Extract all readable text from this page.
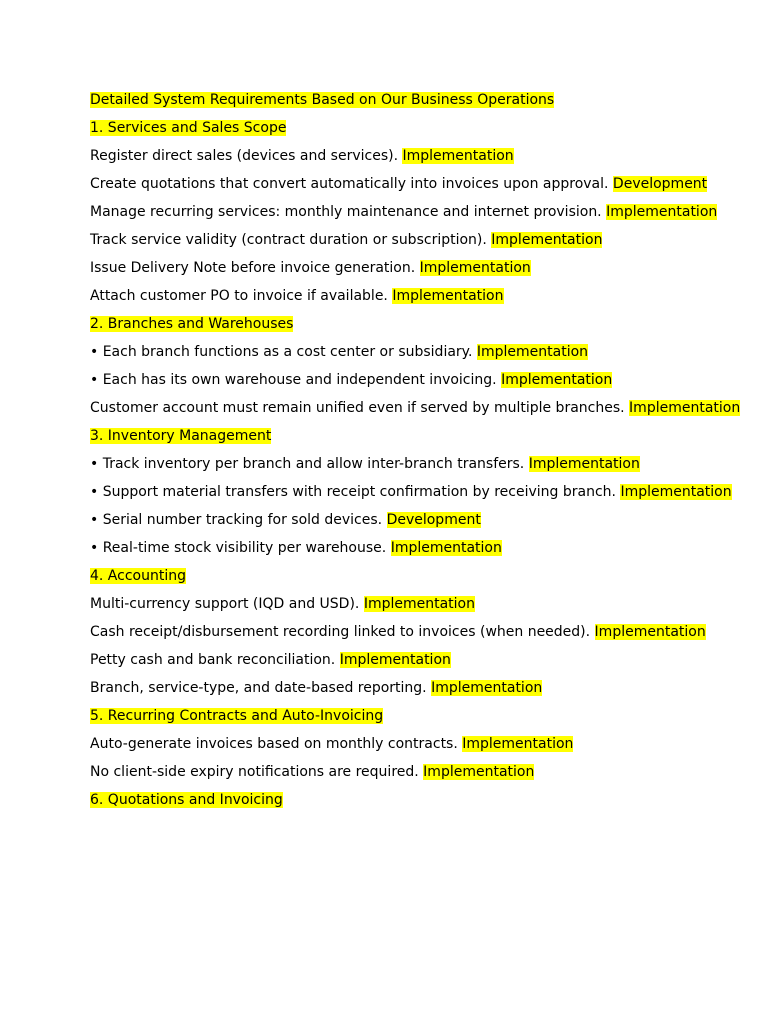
Detailed System Requirements Based on Our Business Operations

1. Services and Sales Scope

Register direct sales (devices and services). Implementation

Create quotations that convert automatically into invoices upon approval. Development

Manage recurring services: monthly maintenance and internet provision. Implementation

Track service validity (contract duration or subscription). Implementation

Issue Delivery Note before invoice generation. Implementation

Attach customer PO to invoice if available. Implementation

2. Branches and Warehouses

• Each branch functions as a cost center or subsidiary. Implementation

• Each has its own warehouse and independent invoicing. Implementation

Customer account must remain unified even if served by multiple branches. Implementation

3. Inventory Management

• Track inventory per branch and allow inter-branch transfers. Implementation

• Support material transfers with receipt confirmation by receiving branch. Implementation

• Serial number tracking for sold devices. Development

• Real-time stock visibility per warehouse. Implementation

4. Accounting

Multi-currency support (IQD and USD). Implementation

Cash receipt/disbursement recording linked to invoices (when needed). Implementation

Petty cash and bank reconciliation. Implementation

Branch, service-type, and date-based reporting. Implementation

5. Recurring Contracts and Auto-Invoicing

Auto-generate invoices based on monthly contracts. Implementation

No client-side expiry notifications are required. Implementation

6. Quotations and Invoicing
